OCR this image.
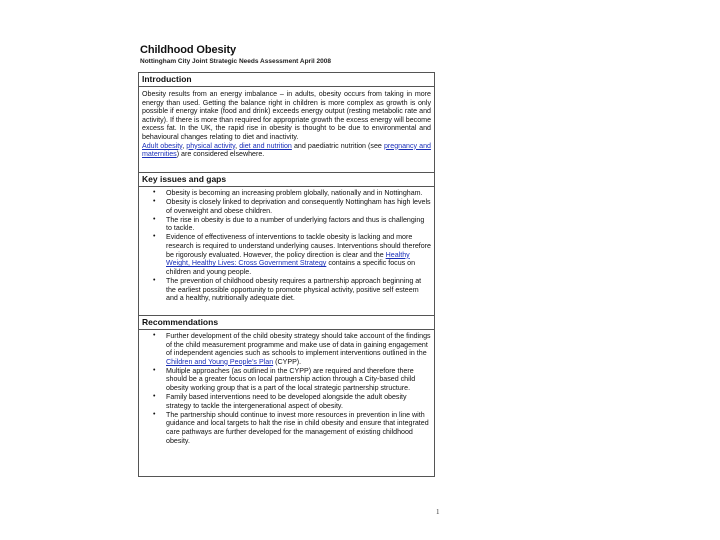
Childhood Obesity
Nottingham City Joint Strategic Needs Assessment April 2008
Introduction
Obesity results from an energy imbalance – in adults, obesity occurs from taking in more energy than used. Getting the balance right in children is more complex as growth is only possible if energy intake (food and drink) exceeds energy output (resting metabolic rate and activity). If there is more than required for appropriate growth the excess energy will become excess fat. In the UK, the rapid rise in obesity is thought to be due to environmental and behavioural changes relating to diet and inactivity.
Adult obesity, physical activity, diet and nutrition and paediatric nutrition (see pregnancy and maternities) are considered elsewhere.
Key issues and gaps
• Obesity is becoming an increasing problem globally, nationally and in Nottingham.
• Obesity is closely linked to deprivation and consequently Nottingham has high levels of overweight and obese children.
• The rise in obesity is due to a number of underlying factors and thus is challenging to tackle.
• Evidence of effectiveness of interventions to tackle obesity is lacking and more research is required to understand underlying causes. Interventions should therefore be rigorously evaluated. However, the policy direction is clear and the Healthy Weight, Healthy Lives: Cross Government Strategy contains a specific focus on children and young people.
• The prevention of childhood obesity requires a partnership approach beginning at the earliest possible opportunity to promote physical activity, positive self esteem and a healthy, nutritionally adequate diet.
Recommendations
• Further development of the child obesity strategy should take account of the findings of the child measurement programme and make use of data in gaining engagement of independent agencies such as schools to implement interventions outlined in the Children and Young People’s Plan (CYPP).
• Multiple approaches (as outlined in the CYPP) are required and therefore there should be a greater focus on local partnership action through a City-based child obesity working group that is a part of the local strategic partnership structure.
• Family based interventions need to be developed alongside the adult obesity strategy to tackle the intergenerational aspect of obesity.
• The partnership should continue to invest more resources in prevention in line with guidance and local targets to halt the rise in child obesity and ensure that integrated care pathways are further developed for the management of existing childhood obesity.
1
